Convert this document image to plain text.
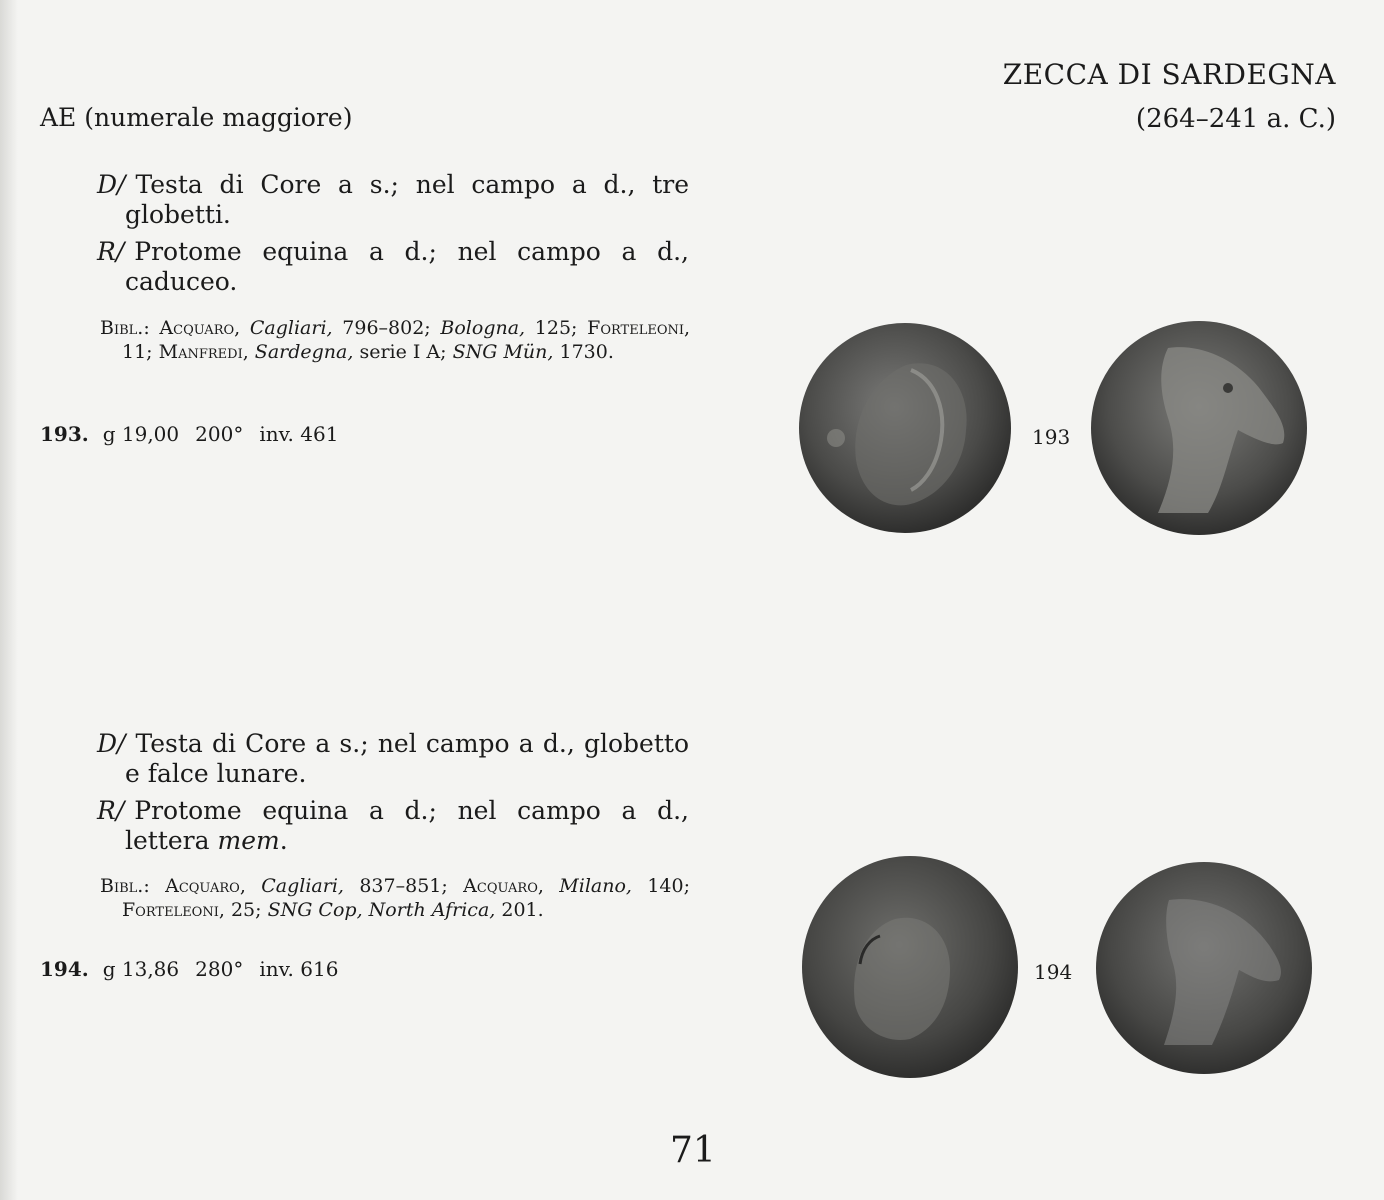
ZECCA DI SARDEGNA
(264–241 a. C.)
AE (numerale maggiore)

D/ Testa di Core a s.; nel campo a d., tre globetti.

R/ Protome equina a d.; nel campo a d., caduceo.

Bibl.: Acquaro, Cagliari, 796–802; Bologna, 125; Forteleoni, 11; Manfredi, Sardegna, serie I A; SNG Mün, 1730.
193. g 19,00 200° inv. 461	193

D/ Testa di Core a s.; nel campo a d., globetto e falce lunare.

R/ Protome equina a d.; nel campo a d., lettera mem.

Bibl.: Acquaro, Cagliari, 837–851; Acquaro, Milano, 140; Forteleoni, 25; SNG Cop, North Africa, 201.
194. g 13,86 280° inv. 616	194
71
